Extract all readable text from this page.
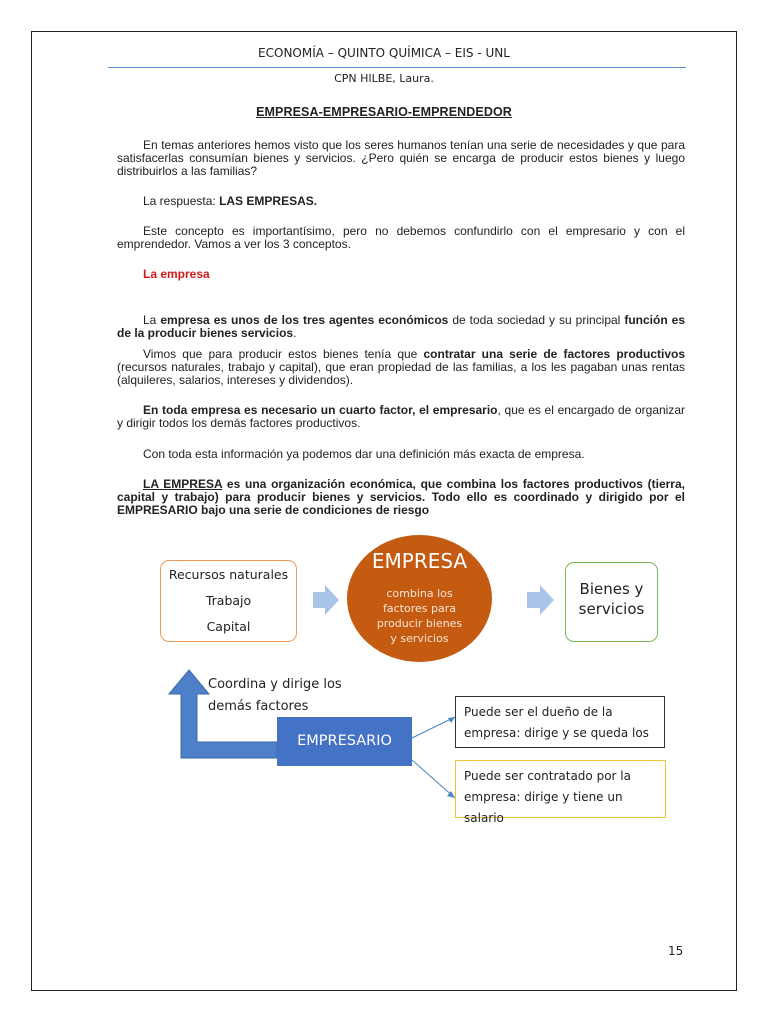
ECONOMÍA – QUINTO QUÍMICA – EIS - UNL
CPN HILBE, Laura.
EMPRESA-EMPRESARIO-EMPRENDEDOR

En temas anteriores hemos visto que los seres humanos tenían una serie de necesidades y que para satisfacerlas consumían bienes y servicios. ¿Pero quién se encarga de producir estos bienes y luego distribuirlos a las familias?

La respuesta: LAS EMPRESAS.

Este concepto es importantísimo, pero no debemos confundirlo con el empresario y con el emprendedor. Vamos a ver los 3 conceptos.

La empresa

La empresa es unos de los tres agentes económicos de toda sociedad y su principal función es de la producir bienes servicios.

Vimos que para producir estos bienes tenía que contratar una serie de factores productivos (recursos naturales, trabajo y capital), que eran propiedad de las familias, a los les pagaban unas rentas (alquileres, salarios, intereses y dividendos).

En toda empresa es necesario un cuarto factor, el empresario, que es el encargado de organizar y dirigir todos los demás factores productivos.

Con toda esta información ya podemos dar una definición más exacta de empresa.

LA EMPRESA es una organización económica, que combina los factores productivos (tierra, capital y trabajo) para producir bienes y servicios. Todo ello es coordinado y dirigido por el EMPRESARIO bajo una serie de condiciones de riesgo

Recursos naturales
Trabajo
Capital
EMPRESA
combina los factores para producir bienes y servicios
Bienes y servicios
Coordina y dirige los
demás factores
EMPRESARIO
Puede ser el dueño de la empresa: dirige y se queda los
Puede ser contratado por la empresa: dirige y tiene un salario
15
